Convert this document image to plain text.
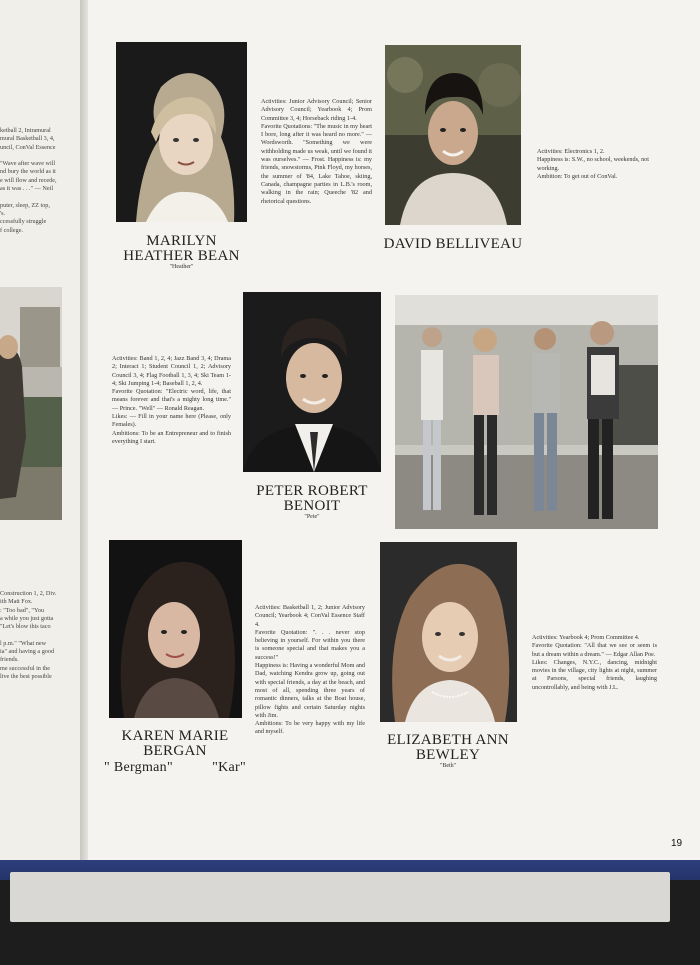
ketball 2, Intramural
mural Basketball 3, 4,
uncil, ConVal Essence

"Wave after wave will
nd bury the world as it
e will flow and recede,
as it was . . ." — Neil

puter, sleep, ZZ top,
's.
ccessfully struggle
f college.
Construction 1, 2, Div.
ith Matt Fox.
: "Too bad", "You
a while you just gotta
"Let's blow this taco

l p.m." "What new
ia" and having a good
friends.
me successful in the
live the best possible

Activities: Junior Advisory Council; Senior Advisory Council; Yearbook 4; Prom Committee 3, 4; Horseback riding 1-4.

Favorite Quotations: "The music in my heart I bore, long after it was heard no more." — Wordsworth. "Something we were withholding made us weak, until we found it was ourselves." — Frost. Happiness is: my friends, snowstorms, Pink Floyd, my horses, the summer of '84, Lake Tahoe, skiing, Canada, champagne parties in L.B.'s room, walking in the rain; Queeche '82 and rhetorical questions.

MARILYN
HEATHER BEAN
"Heather"

Activities: Electronics 1, 2.

Happiness is: S.W., no school, weekends, not working.

Ambition: To get out of ConVal.

DAVID BELLIVEAU

Activities: Band 1, 2, 4; Jazz Band 3, 4; Drama 2; Interact 1; Student Council 1, 2; Advisory Council 3, 4; Flag Football 1, 3, 4; Ski Team 1-4; Ski Jumping 1-4; Baseball 1, 2, 4.

Favorite Quotation: "Electric word, life, that means forever and that's a mighty long time." — Prince. "Well" — Ronald Reagan.

Likes: — Fill in your name here (Please, only Females).

Ambitions: To be an Entrepreneur and to finish everything I start.

PETER ROBERT
BENOIT
"Pete"

Activities: Basketball 1, 2; Junior Advisory Council; Yearbook 4; ConVal Essence Staff 4.

Favorite Quotation: ". . . never stop believing in yourself. For within you there is someone special and that makes you a success!"

Happiness is: Having a wonderful Mom and Dad, watching Kendra grow up, going out with special friends, a day at the beach, and most of all, spending three years of romantic dinners, talks at the Boat house, pillow fights and certain Saturday nights with Jim.

Ambitions: To be very happy with my life and myself.

KAREN MARIE
BERGAN
" Bergman"	"Kar"

Activities: Yearbook 4; Prom Committee 4.

Favorite Quotation: "All that we see or seem is but a dream within a dream." — Edgar Allan Poe.

Likes: Changes, N.Y.C., dancing, midnight movies in the village, city lights at night, summer at Parsons, special friends, laughing uncontrollably, and being with J.L.

ELIZABETH ANN
BEWLEY
"Beth"
19
